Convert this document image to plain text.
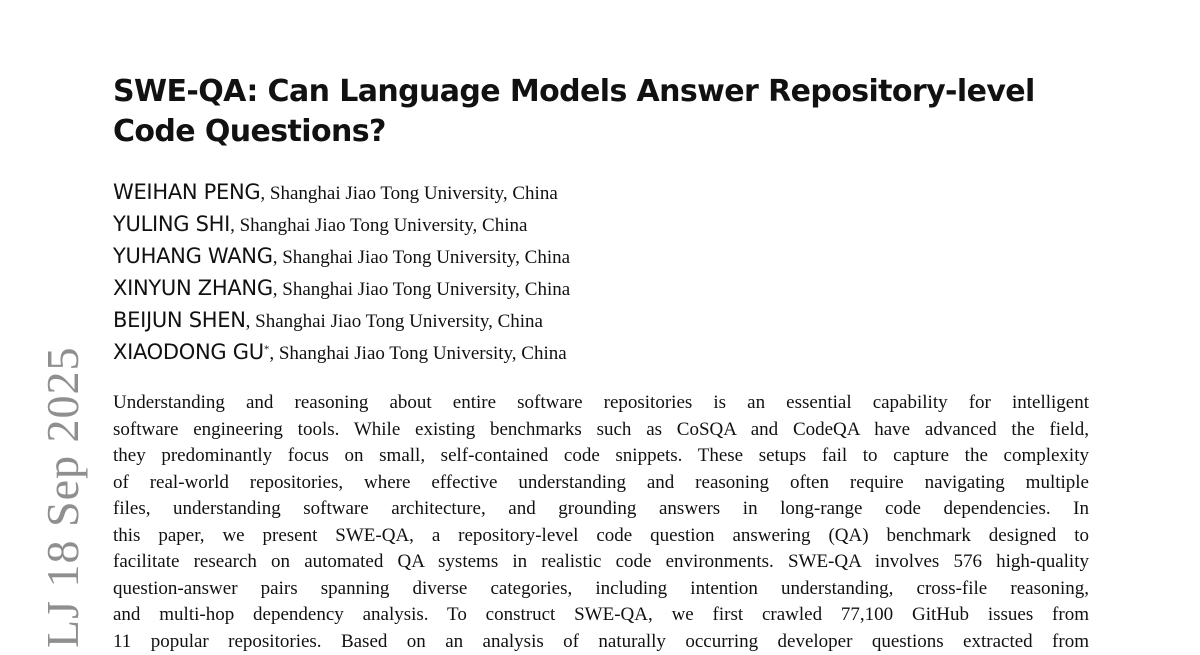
LJ 18 Sep 2025
SWE-QA: Can Language Models Answer Repository-level
Code Questions?
WEIHAN PENG, Shanghai Jiao Tong University, China
YULING SHI, Shanghai Jiao Tong University, China
YUHANG WANG, Shanghai Jiao Tong University, China
XINYUN ZHANG, Shanghai Jiao Tong University, China
BEIJUN SHEN, Shanghai Jiao Tong University, China
XIAODONG GU*, Shanghai Jiao Tong University, China
Understanding and reasoning about entire software repositories is an essential capability for intelligent
software engineering tools. While existing benchmarks such as CoSQA and CodeQA have advanced the field,
they predominantly focus on small, self-contained code snippets. These setups fail to capture the complexity
of real-world repositories, where effective understanding and reasoning often require navigating multiple
files, understanding software architecture, and grounding answers in long-range code dependencies. In
this paper, we present SWE-QA, a repository-level code question answering (QA) benchmark designed to
facilitate research on automated QA systems in realistic code environments. SWE-QA involves 576 high-quality
question-answer pairs spanning diverse categories, including intention understanding, cross-file reasoning,
and multi-hop dependency analysis. To construct SWE-QA, we first crawled 77,100 GitHub issues from
11 popular repositories. Based on an analysis of naturally occurring developer questions extracted from
